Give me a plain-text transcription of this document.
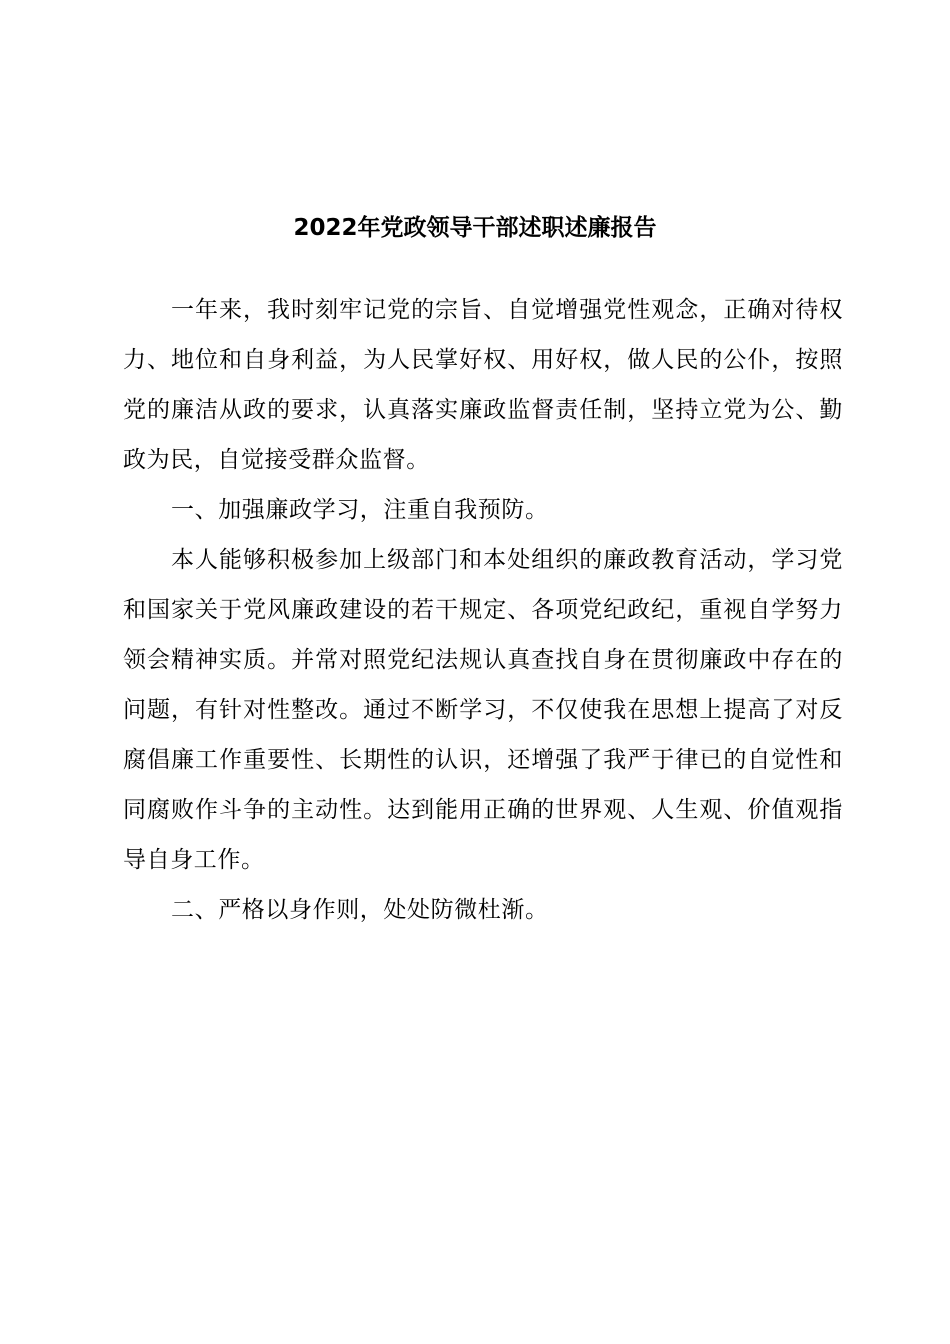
2022年党政领导干部述职述廉报告

一年来，我时刻牢记党的宗旨、自觉增强党性观念，正确对待权力、地位和自身利益，为人民掌好权、用好权，做人民的公仆，按照党的廉洁从政的要求，认真落实廉政监督责任制，坚持立党为公、勤政为民，自觉接受群众监督。

一、加强廉政学习，注重自我预防。

本人能够积极参加上级部门和本处组织的廉政教育活动，学习党和国家关于党风廉政建设的若干规定、各项党纪政纪，重视自学努力领会精神实质。并常对照党纪法规认真查找自身在贯彻廉政中存在的问题，有针对性整改。通过不断学习，不仅使我在思想上提高了对反腐倡廉工作重要性、长期性的认识，还增强了我严于律已的自觉性和同腐败作斗争的主动性。达到能用正确的世界观、人生观、价值观指导自身工作。

二、严格以身作则，处处防微杜渐。
